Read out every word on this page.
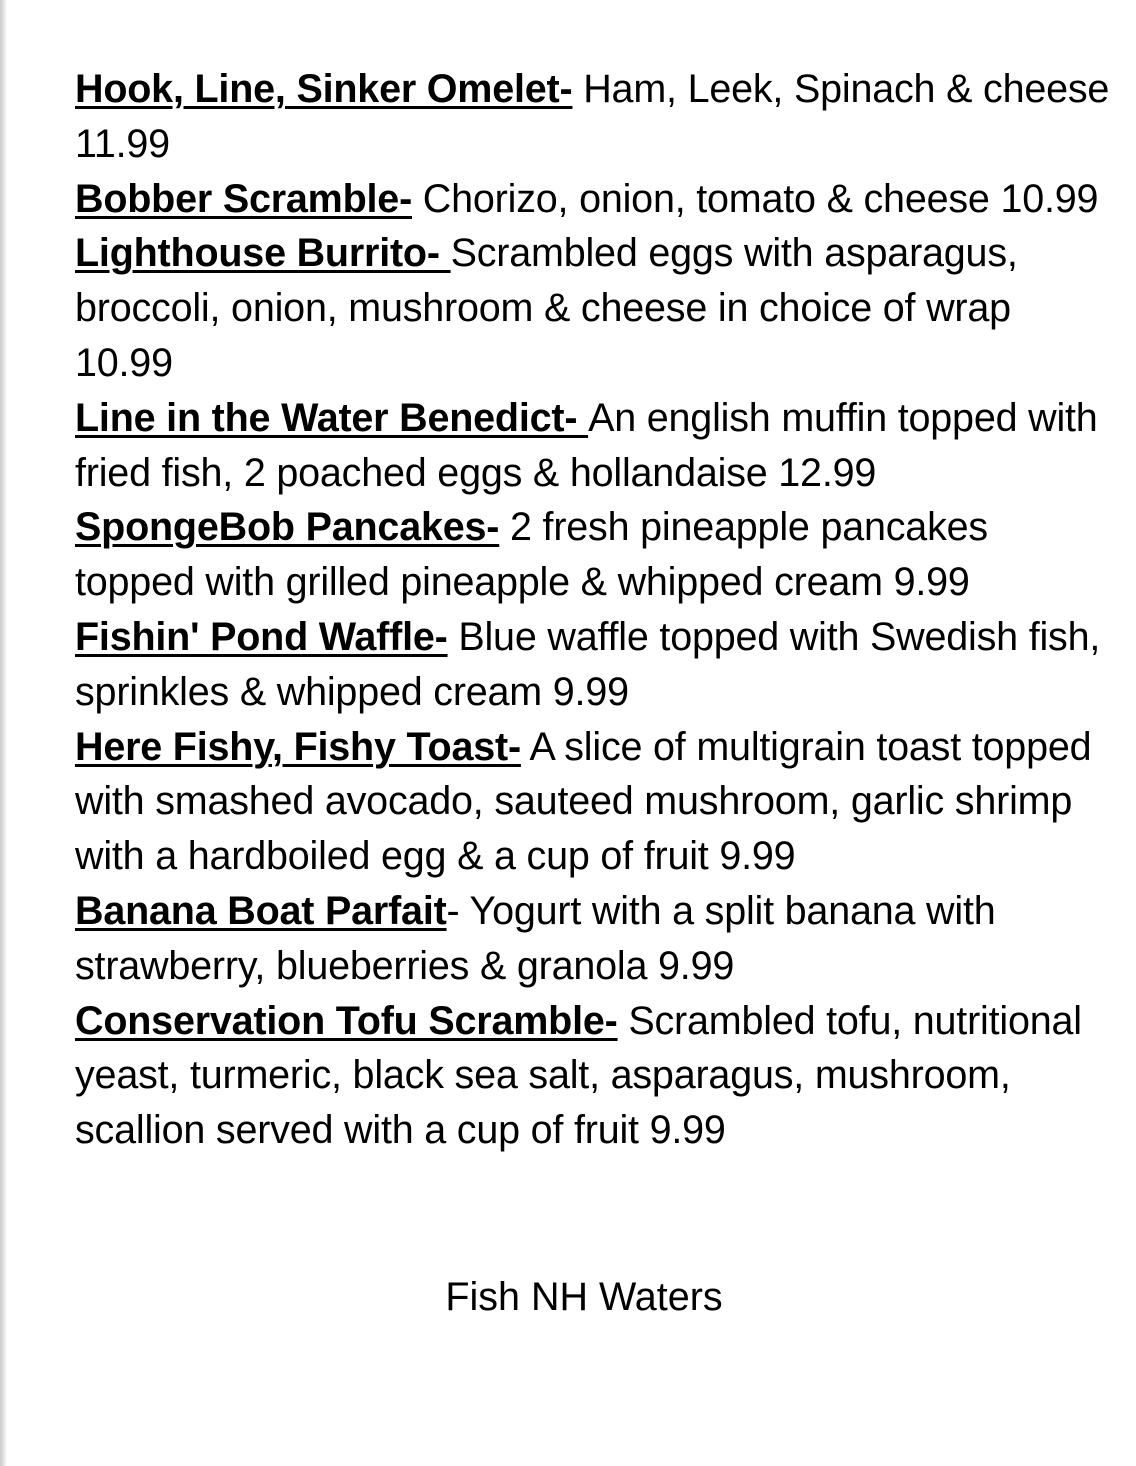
Hook, Line, Sinker Omelet- Ham, Leek, Spinach & cheese 11.99

Bobber Scramble- Chorizo, onion, tomato & cheese 10.99

Lighthouse Burrito- Scrambled eggs with asparagus, broccoli, onion, mushroom & cheese in choice of wrap 10.99

Line in the Water Benedict- An english muffin topped with fried fish, 2 poached eggs & hollandaise 12.99

SpongeBob Pancakes- 2 fresh pineapple pancakes topped with grilled pineapple & whipped cream 9.99

Fishin' Pond Waffle- Blue waffle topped with Swedish fish, sprinkles & whipped cream 9.99

Here Fishy, Fishy Toast- A slice of multigrain toast topped with smashed avocado, sauteed mushroom, garlic shrimp with a hardboiled egg & a cup of fruit 9.99

Banana Boat Parfait- Yogurt with a split banana with strawberry, blueberries & granola 9.99

Conservation Tofu Scramble- Scrambled tofu, nutritional yeast, turmeric, black sea salt, asparagus, mushroom, scallion served with a cup of fruit 9.99

Fish NH Waters
